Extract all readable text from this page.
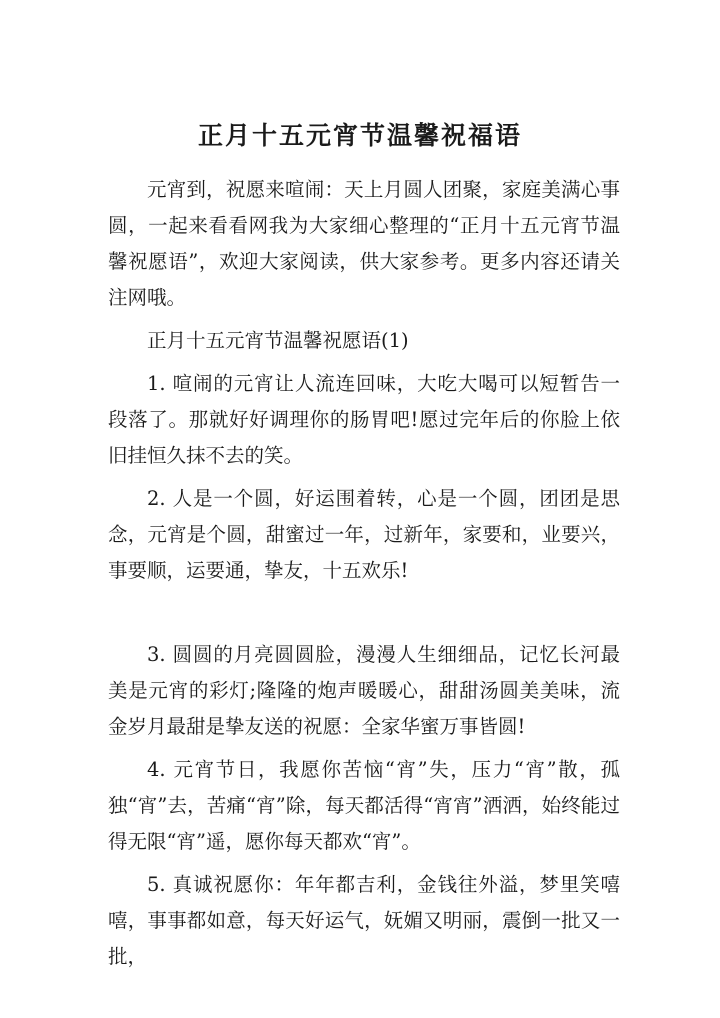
正月十五元宵节温馨祝福语

元宵到，祝愿来喧闹：天上月圆人团聚，家庭美满心事圆，一起来看看网我为大家细心整理的“正月十五元宵节温馨祝愿语”，欢迎大家阅读，供大家参考。更多内容还请关注网哦。

正月十五元宵节温馨祝愿语(1)

1. 喧闹的元宵让人流连回味，大吃大喝可以短暂告一段落了。那就好好调理你的肠胃吧!愿过完年后的你脸上依旧挂恒久抹不去的笑。

2. 人是一个圆，好运围着转，心是一个圆，团团是思念，元宵是个圆，甜蜜过一年，过新年，家要和，业要兴，事要顺，运要通，挚友，十五欢乐!

3. 圆圆的月亮圆圆脸，漫漫人生细细品，记忆长河最美是元宵的彩灯;隆隆的炮声暖暖心，甜甜汤圆美美味，流金岁月最甜是挚友送的祝愿：全家华蜜万事皆圆!

4. 元宵节日，我愿你苦恼“宵”失，压力“宵”散，孤独“宵”去，苦痛“宵”除，每天都活得“宵宵”洒洒，始终能过得无限“宵”遥，愿你每天都欢“宵”。

5. 真诚祝愿你：年年都吉利，金钱往外溢，梦里笑嘻嘻，事事都如意，每天好运气，妩媚又明丽，震倒一批又一批，
